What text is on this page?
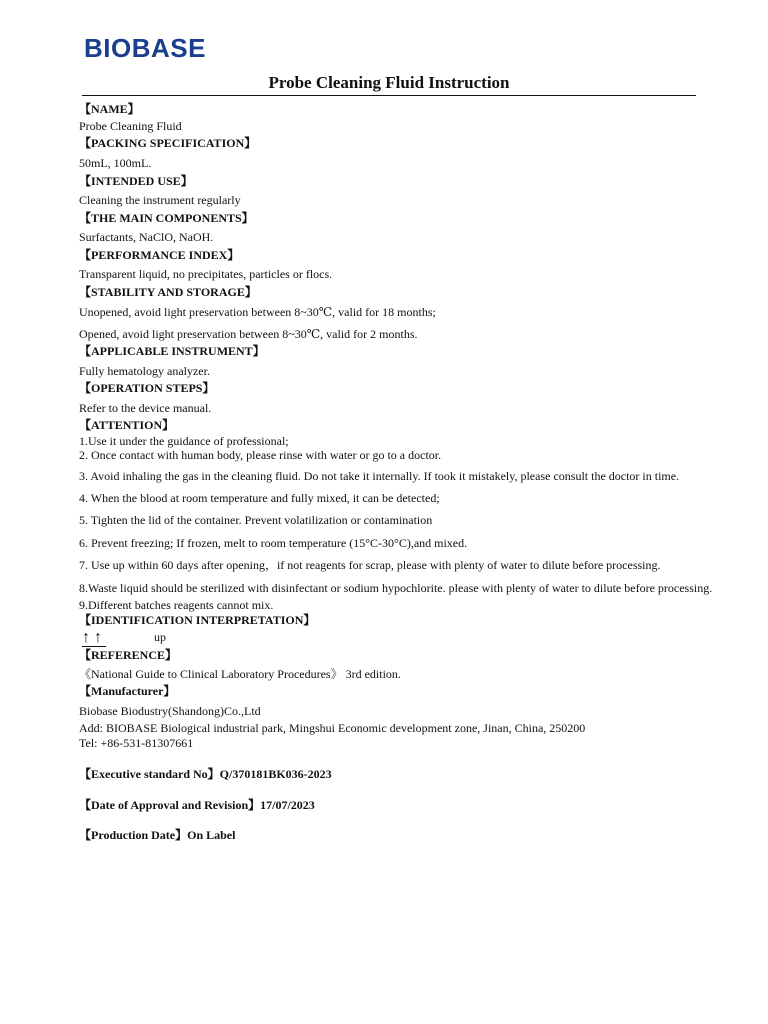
BIOBASE
Probe Cleaning Fluid Instruction
【NAME】
Probe Cleaning Fluid
【PACKING SPECIFICATION】
50mL, 100mL.
【INTENDED USE】
Cleaning the instrument regularly
【THE MAIN COMPONENTS】
Surfactants, NaClO, NaOH.
【PERFORMANCE INDEX】
Transparent liquid, no precipitates, particles or flocs.
【STABILITY AND STORAGE】
Unopened, avoid light preservation between 8~30℃, valid for 18 months;
Opened, avoid light preservation between 8~30℃, valid for 2 months.
【APPLICABLE INSTRUMENT】
Fully hematology analyzer.
【OPERATION STEPS】
Refer to the device manual.
【ATTENTION】
1.Use it under the guidance of professional;
2. Once contact with human body, please rinse with water or go to a doctor.
3. Avoid inhaling the gas in the cleaning fluid. Do not take it internally. If took it mistakely, please consult the doctor in time.
4. When the blood at room temperature and fully mixed, it can be detected;
5. Tighten the lid of the container. Prevent volatilization or contamination
6. Prevent freezing; If frozen, melt to room temperature (15°C-30°C),and mixed.
7. Use up within 60 days after opening，if not reagents for scrap, please with plenty of water to dilute before processing.
8.Waste liquid should be sterilized with disinfectant or sodium hypochlorite. please with plenty of water to dilute before processing.
9.Different batches reagents cannot mix.
【IDENTIFICATION INTERPRETATION】
↑↑	up
【REFERENCE】
《National Guide to Clinical Laboratory Procedures》 3rd edition.
【Manufacturer】
Biobase Biodustry(Shandong)Co.,Ltd
Add: BIOBASE Biological industrial park, Mingshui Economic development zone, Jinan, China, 250200
Tel: +86-531-81307661
【Executive standard No】Q/370181BK036-2023
【Date of Approval and Revision】17/07/2023
【Production Date】On Label
